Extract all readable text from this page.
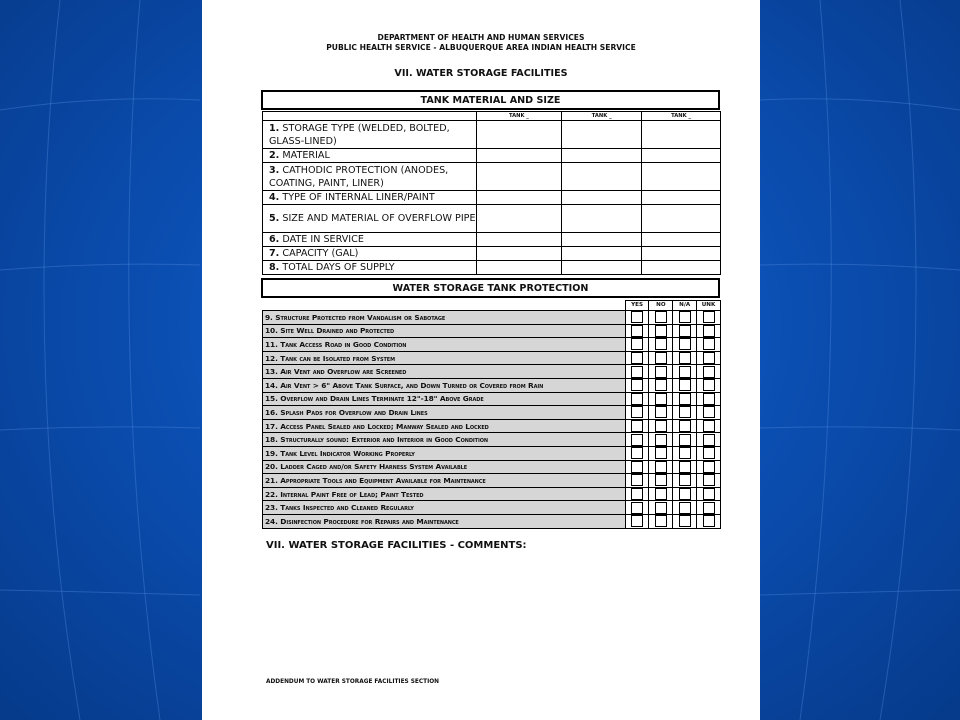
DEPARTMENT OF HEALTH AND HUMAN SERVICES
PUBLIC HEALTH SERVICE - ALBUQUERQUE AREA INDIAN HEALTH SERVICE
VII. WATER STORAGE FACILITIES
TANK MATERIAL AND SIZE
	TANK _	TANK _	TANK _
1. STORAGE TYPE (WELDED, BOLTED, GLASS-LINED)			
2. MATERIAL			
3. CATHODIC PROTECTION (ANODES, COATING, PAINT, LINER)			
4. TYPE OF INTERNAL LINER/PAINT			
5. SIZE AND MATERIAL OF OVERFLOW PIPE			
6. DATE IN SERVICE			
7. CAPACITY (GAL)			
8. TOTAL DAYS OF SUPPLY			
WATER STORAGE TANK PROTECTION
	YES	NO	N/A	UNK
9. Structure Protected from Vandalism or Sabotage				
10. Site Well Drained and Protected				
11. Tank Access Road in Good Condition				
12. Tank can be Isolated from System				
13. Air Vent and Overflow are Screened				
14. Air Vent > 6" Above Tank Surface, and Down Turned or Covered from Rain				
15. Overflow and Drain Lines Terminate 12"-18" Above Grade				
16. Splash Pads for Overflow and Drain Lines				
17. Access Panel Sealed and Locked; Manway Sealed and Locked				
18. Structurally sound: Exterior and Interior in Good Condition				
19. Tank Level Indicator Working Properly				
20. Ladder Caged and/or Safety Harness System Available				
21. Appropriate Tools and Equipment Available for Maintenance				
22. Internal Paint Free of Lead; Paint Tested				
23. Tanks Inspected and Cleaned Regularly				
24. Disinfection Procedure for Repairs and Maintenance				
VII. WATER STORAGE FACILITIES - COMMENTS:
ADDENDUM TO WATER STORAGE FACILITIES SECTION
